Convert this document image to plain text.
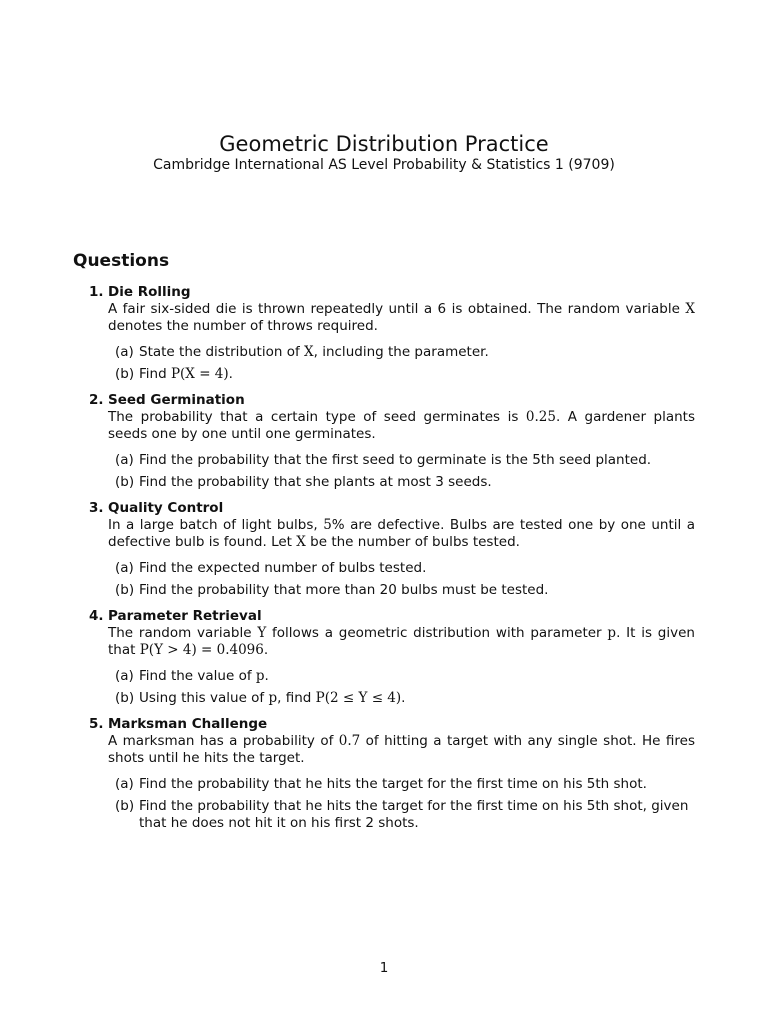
Geometric Distribution Practice
Cambridge International AS Level Probability & Statistics 1 (9709)
Questions
1. Die Rolling
A fair six-sided die is thrown repeatedly until a 6 is obtained. The random variable X denotes the number of throws required.
(a) State the distribution of X, including the parameter.
(b) Find P(X = 4).
2. Seed Germination
The probability that a certain type of seed germinates is 0.25. A gardener plants seeds one by one until one germinates.
(a) Find the probability that the first seed to germinate is the 5th seed planted.
(b) Find the probability that she plants at most 3 seeds.
3. Quality Control
In a large batch of light bulbs, 5% are defective. Bulbs are tested one by one until a defective bulb is found. Let X be the number of bulbs tested.
(a) Find the expected number of bulbs tested.
(b) Find the probability that more than 20 bulbs must be tested.
4. Parameter Retrieval
The random variable Y follows a geometric distribution with parameter p. It is given that P(Y > 4) = 0.4096.
(a) Find the value of p.
(b) Using this value of p, find P(2 ≤ Y ≤ 4).
5. Marksman Challenge
A marksman has a probability of 0.7 of hitting a target with any single shot. He fires shots until he hits the target.
(a) Find the probability that he hits the target for the first time on his 5th shot.
(b) Find the probability that he hits the target for the first time on his 5th shot, given that he does not hit it on his first 2 shots.
1
